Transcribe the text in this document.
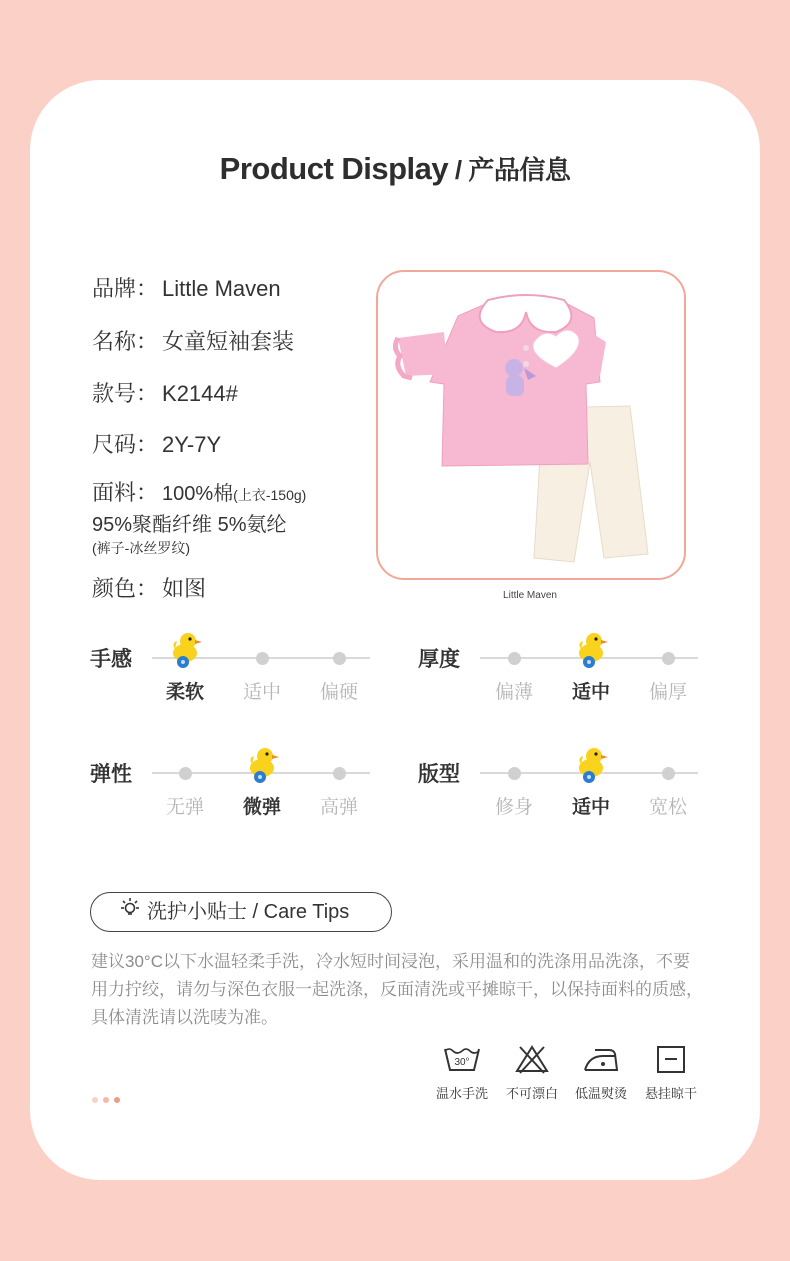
Product Display / 产品信息
品牌： Little Maven
名称： 女童短袖套装
款号： K2144#
尺码： 2Y-7Y
面料： 100%棉(上衣-150g)
95%聚酯纤维 5%氨纶
(裤子-冰丝罗纹)
颜色： 如图	Little Maven
手感
柔软	适中	偏硬
厚度
偏薄	适中	偏厚
弹性
无弹	微弹	高弹
版型
修身	适中	宽松
洗护小贴士 / Care Tips
建议30°C以下水温轻柔手洗，冷水短时间浸泡，采用温和的洗涤用品洗涤，不要用力拧绞，请勿与深色衣服一起洗涤，反面清洗或平摊晾干，以保持面料的质感，具体清洗请以洗唛为准。
30°
温水手洗	不可漂白	低温熨烫	悬挂晾干
